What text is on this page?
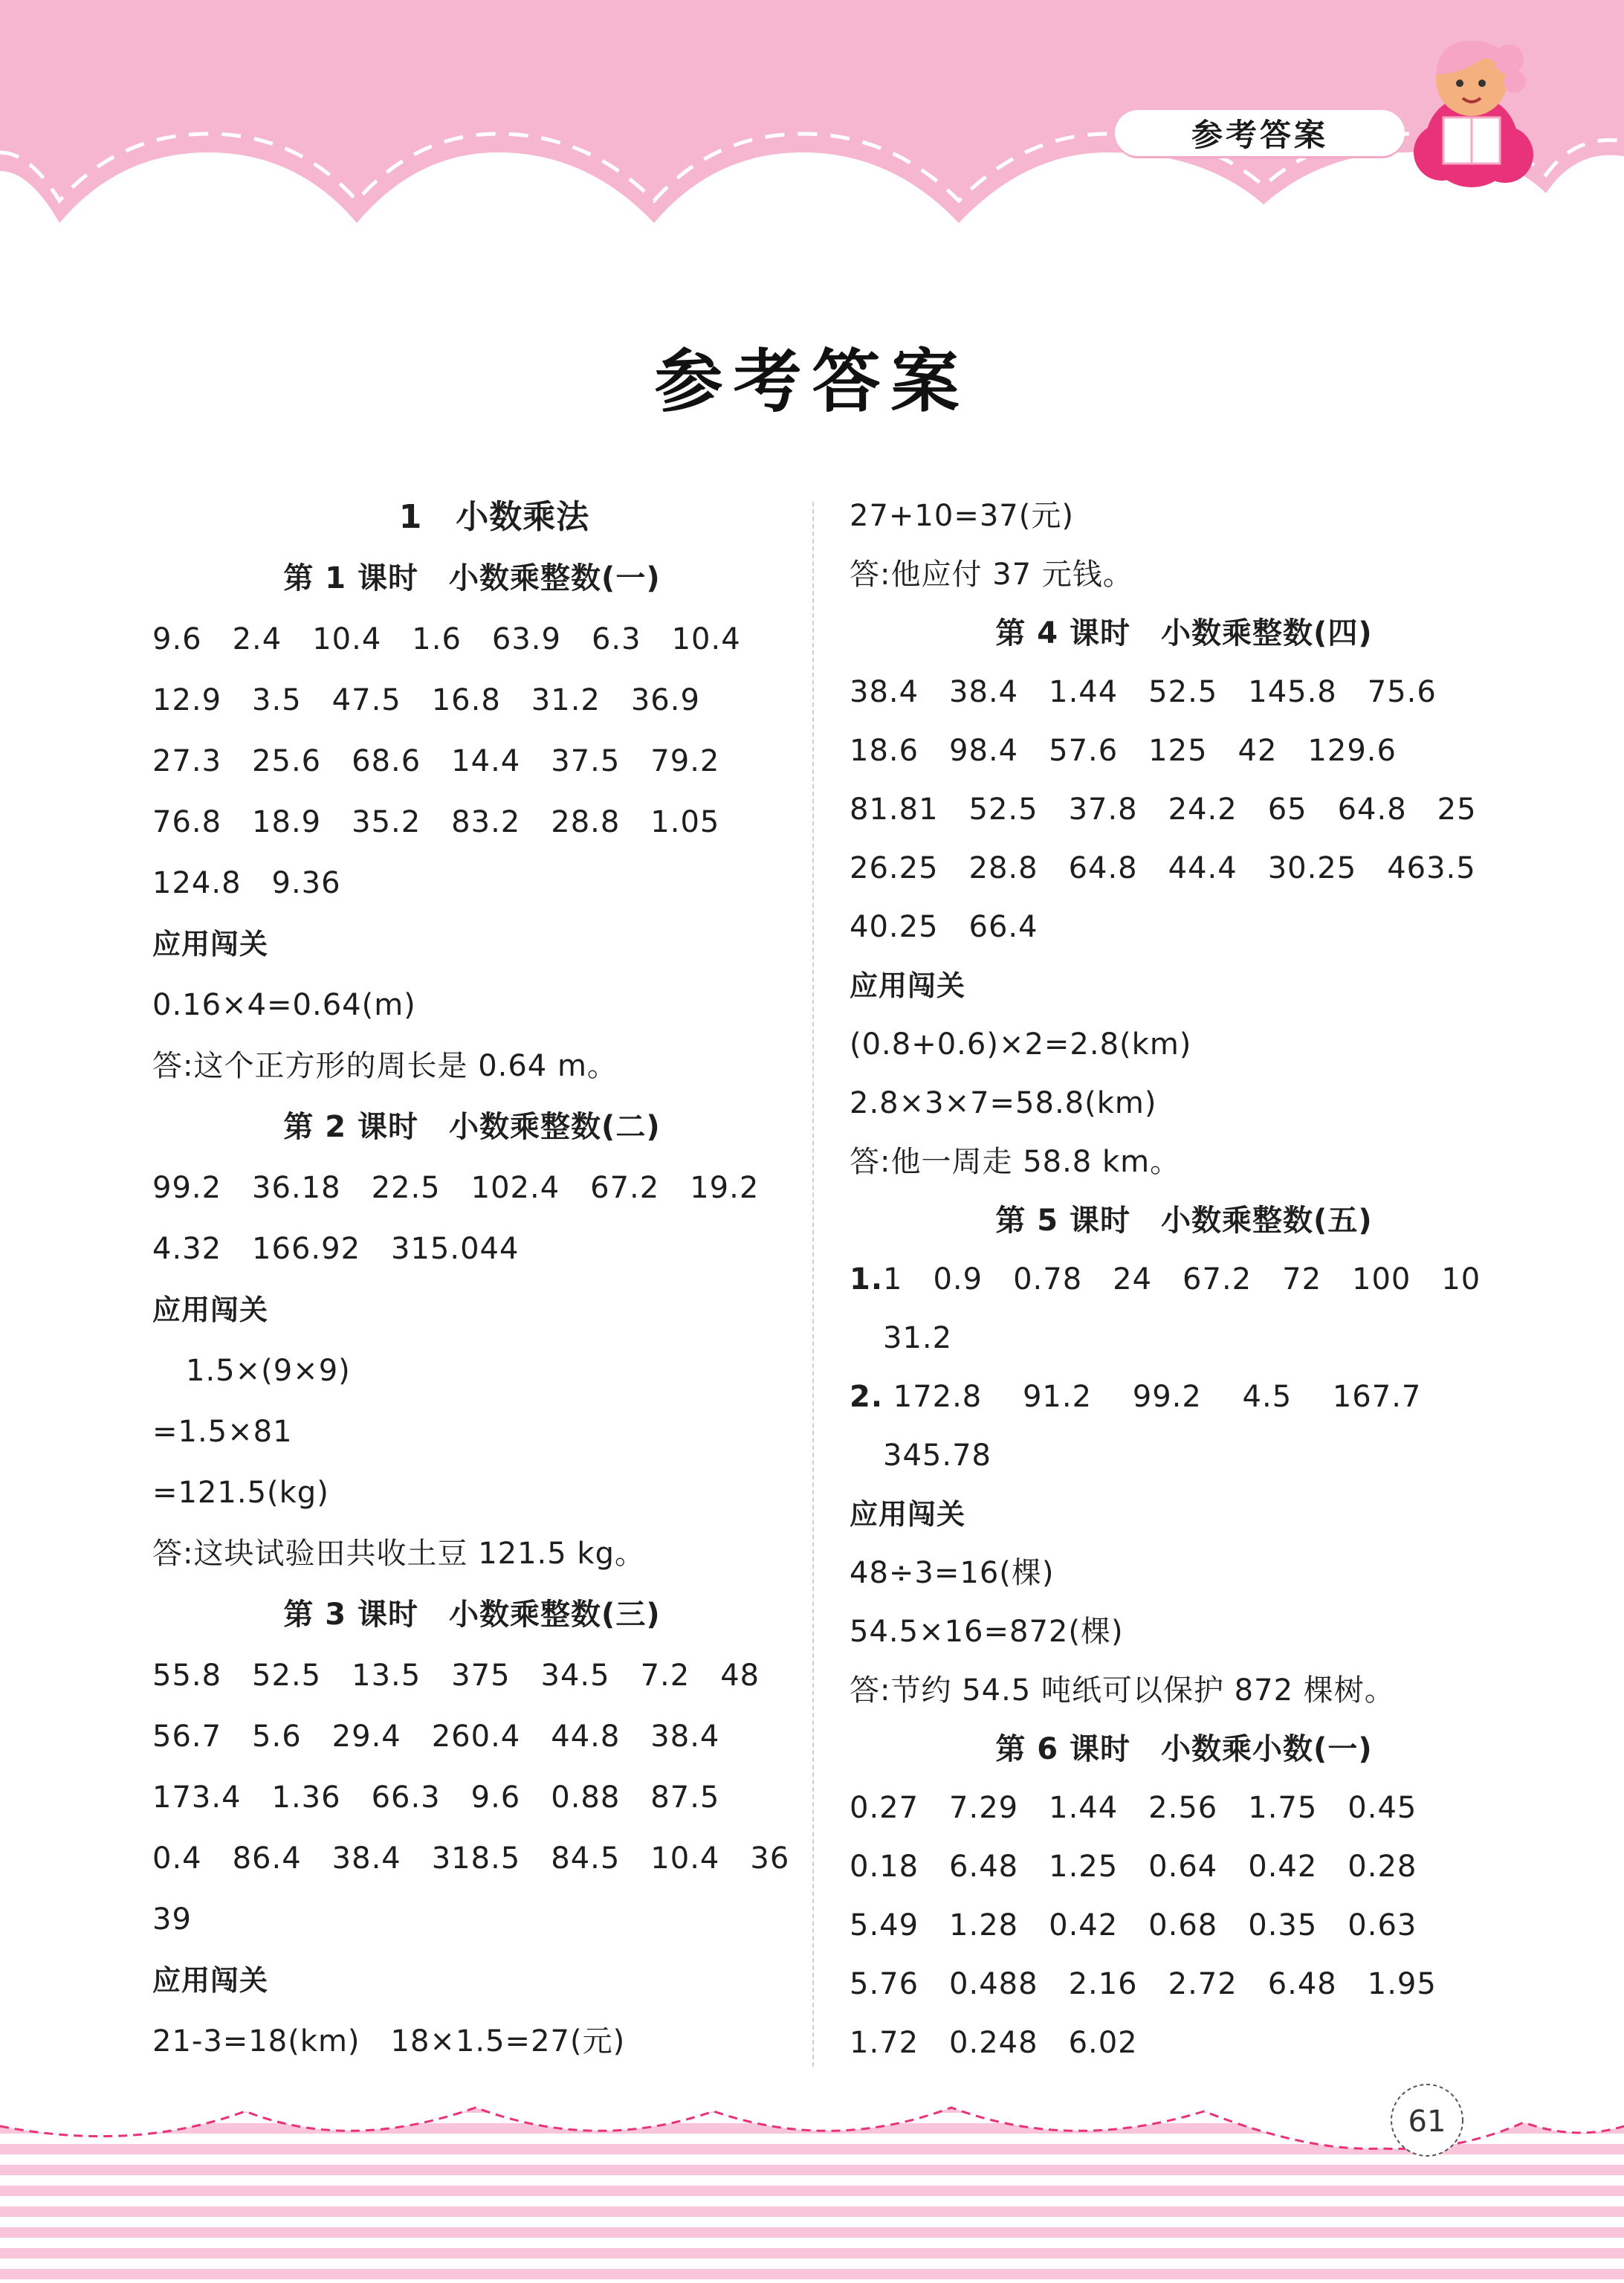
参考答案
参考答案
1　小数乘法
第 1 课时　小数乘整数(一)
9.6　2.4　10.4　1.6　63.9　6.3　10.4
12.9　3.5　47.5　16.8　31.2　36.9
27.3　25.6　68.6　14.4　37.5　79.2
76.8　18.9　35.2　83.2　28.8　1.05
124.8　9.36
应用闯关
0.16×4=0.64(m)
答:这个正方形的周长是 0.64 m。
第 2 课时　小数乘整数(二)
99.2　36.18　22.5　102.4　67.2　19.2
4.32　166.92　315.044
应用闯关
1.5×(9×9)
=1.5×81
=121.5(kg)
答:这块试验田共收土豆 121.5 kg。
第 3 课时　小数乘整数(三)
55.8　52.5　13.5　375　34.5　7.2　48
56.7　5.6　29.4　260.4　44.8　38.4
173.4　1.36　66.3　9.6　0.88　87.5
0.4　86.4　38.4　318.5　84.5　10.4　36
39
应用闯关
21-3=18(km)　18×1.5=27(元)
27+10=37(元)
答:他应付 37 元钱。
第 4 课时　小数乘整数(四)
38.4　38.4　1.44　52.5　145.8　75.6
18.6　98.4　57.6　125　42　129.6
81.81　52.5　37.8　24.2　65　64.8　25
26.25　28.8　64.8　44.4　30.25　463.5
40.25　66.4
应用闯关
(0.8+0.6)×2=2.8(km)
2.8×3×7=58.8(km)
答:他一周走 58.8 km。
第 5 课时　小数乘整数(五)
1.1　0.9　0.78　24　67.2　72　100　10
31.2
2. 172.8　 91.2　 99.2　 4.5　 167.7
345.78
应用闯关
48÷3=16(棵)
54.5×16=872(棵)
答:节约 54.5 吨纸可以保护 872 棵树。
第 6 课时　小数乘小数(一)
0.27　7.29　1.44　2.56　1.75　0.45
0.18　6.48　1.25　0.64　0.42　0.28
5.49　1.28　0.42　0.68　0.35　0.63
5.76　0.488　2.16　2.72　6.48　1.95
1.72　0.248　6.02
61
